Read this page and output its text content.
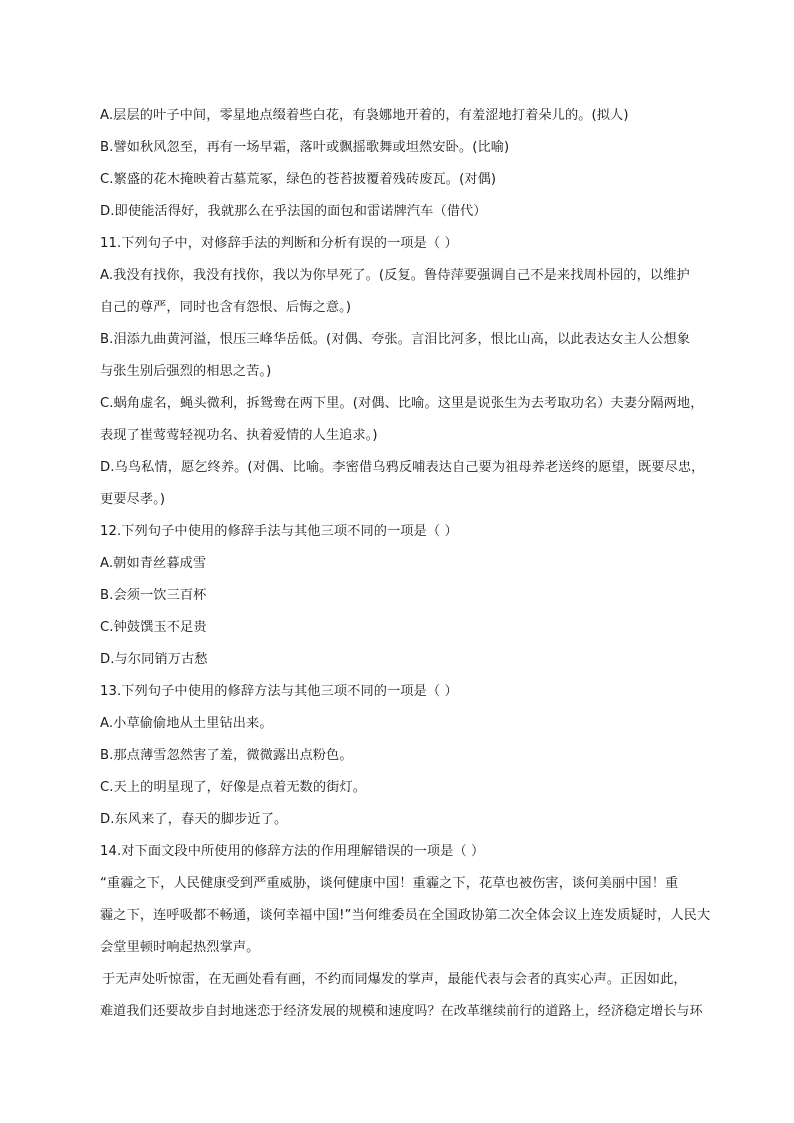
A.层层的叶子中间，零星地点缀着些白花，有袅娜地开着的，有羞涩地打着朵儿的。(拟人)
B.譬如秋风忽至，再有一场早霜，落叶或飘摇歌舞或坦然安卧。(比喻)
C.繁盛的花木掩映着古墓荒冢，绿色的苍苔披覆着残砖废瓦。(对偶)
D.即使能活得好，我就那么在乎法国的面包和雷诺牌汽车（借代）
11.下列句子中，对修辞手法的判断和分析有误的一项是（ ）
A.我没有找你，我没有找你，我以为你早死了。(反复。鲁侍萍要强调自己不是来找周朴园的，以维护
自己的尊严，同时也含有怨恨、后悔之意。)
B.泪添九曲黄河溢，恨压三峰华岳低。(对偶、夸张。言泪比河多，恨比山高，以此表达女主人公想象
与张生别后强烈的相思之苦。)
C.蜗角虚名，蝇头微利，拆鸳鸯在两下里。(对偶、比喻。这里是说张生为去考取功名）夫妻分隔两地，
表现了崔莺莺轻视功名、执着爱情的人生追求。)
D.乌鸟私情，愿乞终养。(对偶、比喻。李密借乌鸦反哺表达自己要为祖母养老送终的愿望，既要尽忠，
更要尽孝。)
12.下列句子中使用的修辞手法与其他三项不同的一项是（ ）
A.朝如青丝暮成雪
B.会须一饮三百杯
C.钟鼓馔玉不足贵
D.与尔同销万古愁
13.下列句子中使用的修辞方法与其他三项不同的一项是（ ）
A.小草偷偷地从土里钻出来。
B.那点薄雪忽然害了羞，微微露出点粉色。
C.天上的明星现了，好像是点着无数的街灯。
D.东风来了，春天的脚步近了。
14.对下面文段中所使用的修辞方法的作用理解错误的一项是（ ）
“重霾之下，人民健康受到严重威胁，谈何健康中国！重霾之下，花草也被伤害，谈何美丽中国！重
霾之下，连呼吸都不畅通，谈何幸福中国!”当何维委员在全国政协第二次全体会议上连发质疑时，人民大
会堂里顿时响起热烈掌声。
于无声处听惊雷，在无画处看有画，不约而同爆发的掌声，最能代表与会者的真实心声。正因如此，
难道我们还要故步自封地迷恋于经济发展的规模和速度吗？在改革继续前行的道路上，经济稳定增长与环
